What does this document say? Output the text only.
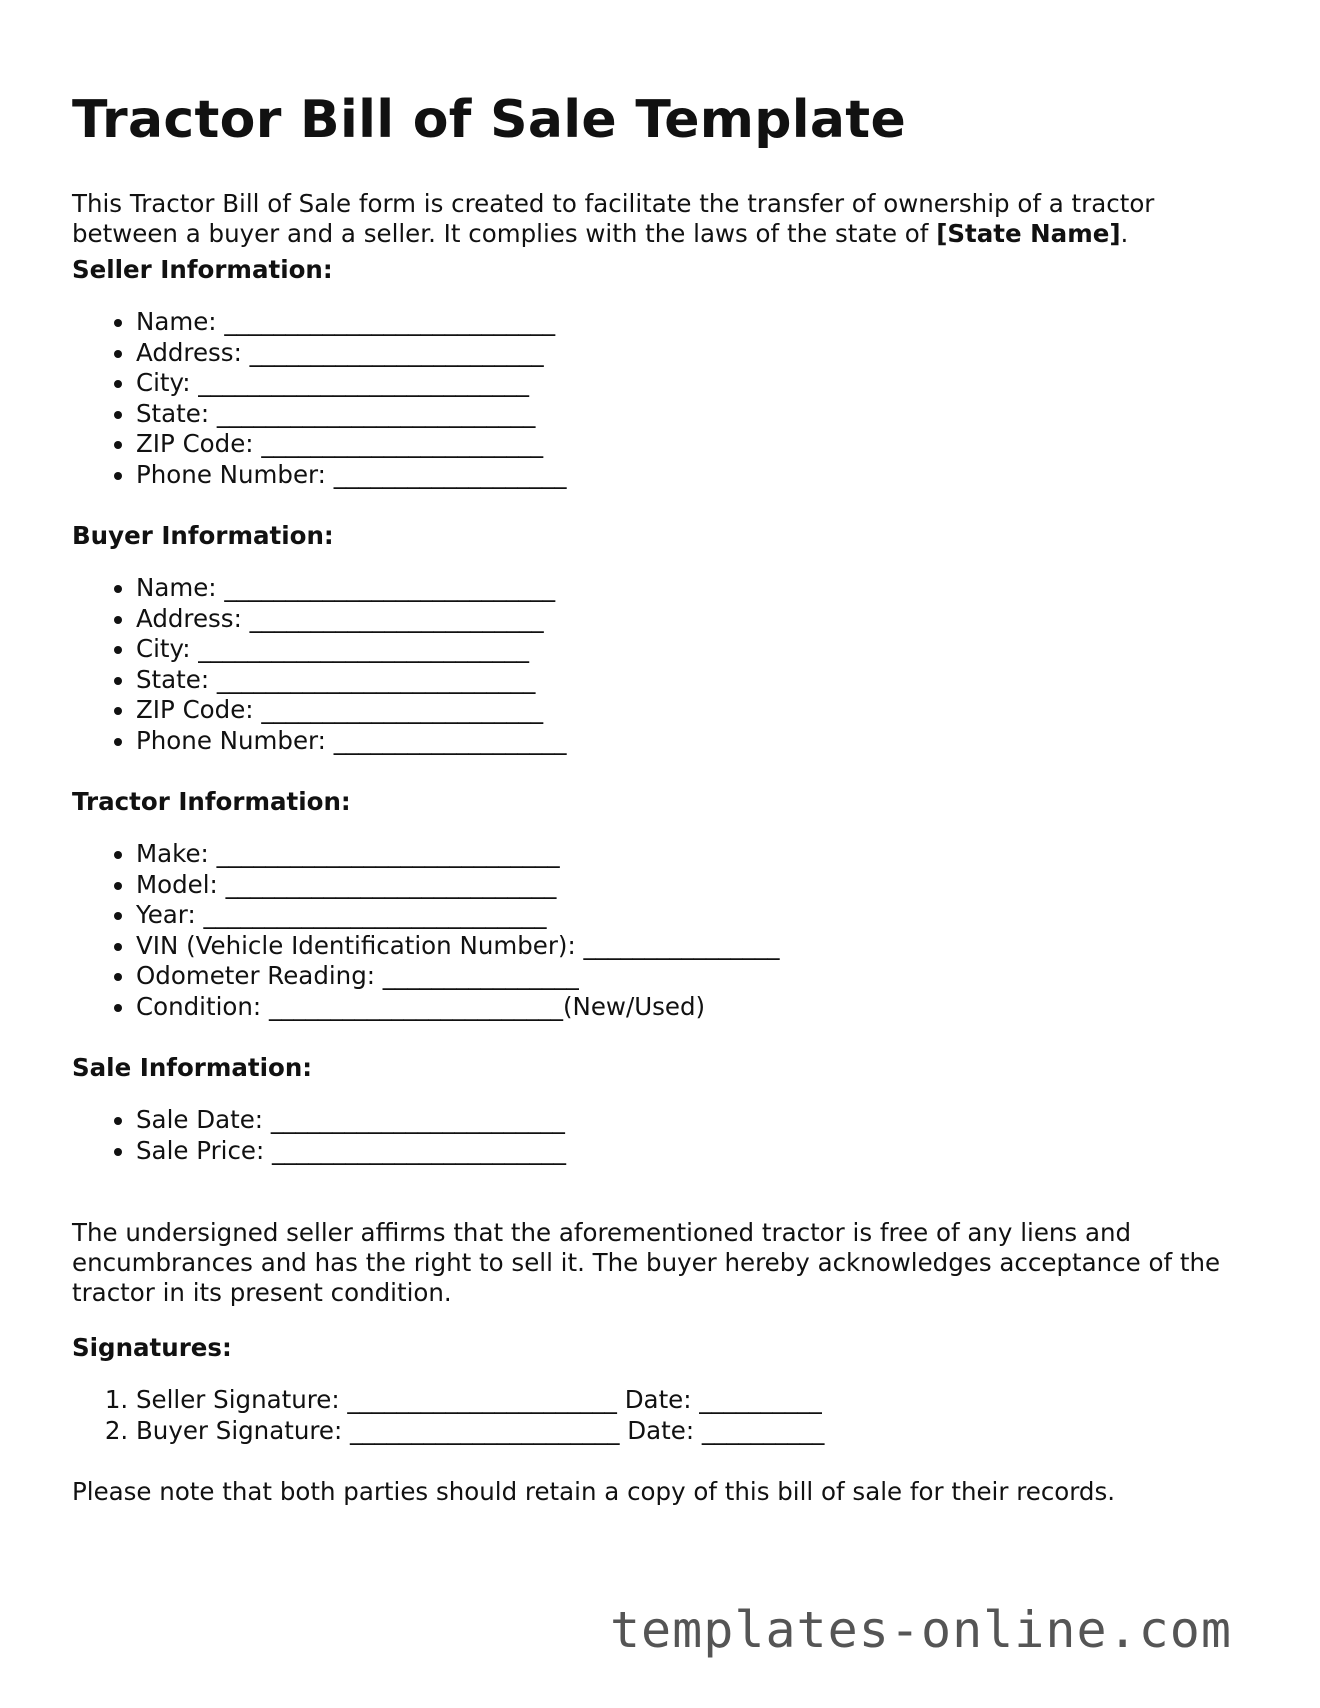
Tractor Bill of Sale Template

This Tractor Bill of Sale form is created to facilitate the transfer of ownership of a tractor between a buyer and a seller. It complies with the laws of the state of [State Name].

Seller Information:

• Name: ___________________________
• Address: ________________________
• City: ___________________________
• State: __________________________
• ZIP Code: _______________________
• Phone Number: ___________________

Buyer Information:

• Name: ___________________________
• Address: ________________________
• City: ___________________________
• State: __________________________
• ZIP Code: _______________________
• Phone Number: ___________________

Tractor Information:

• Make: ____________________________
• Model: ___________________________
• Year: ____________________________
• VIN (Vehicle Identification Number): ________________
• Odometer Reading: ________________
• Condition: ________________________(New/Used)

Sale Information:

• Sale Date: ________________________
• Sale Price: ________________________

The undersigned seller affirms that the aforementioned tractor is free of any liens and encumbrances and has the right to sell it. The buyer hereby acknowledges acceptance of the tractor in its present condition.

Signatures:

1. Seller Signature: ______________________ Date: __________
2. Buyer Signature: ______________________ Date: __________

Please note that both parties should retain a copy of this bill of sale for their records.

templates-online.com
